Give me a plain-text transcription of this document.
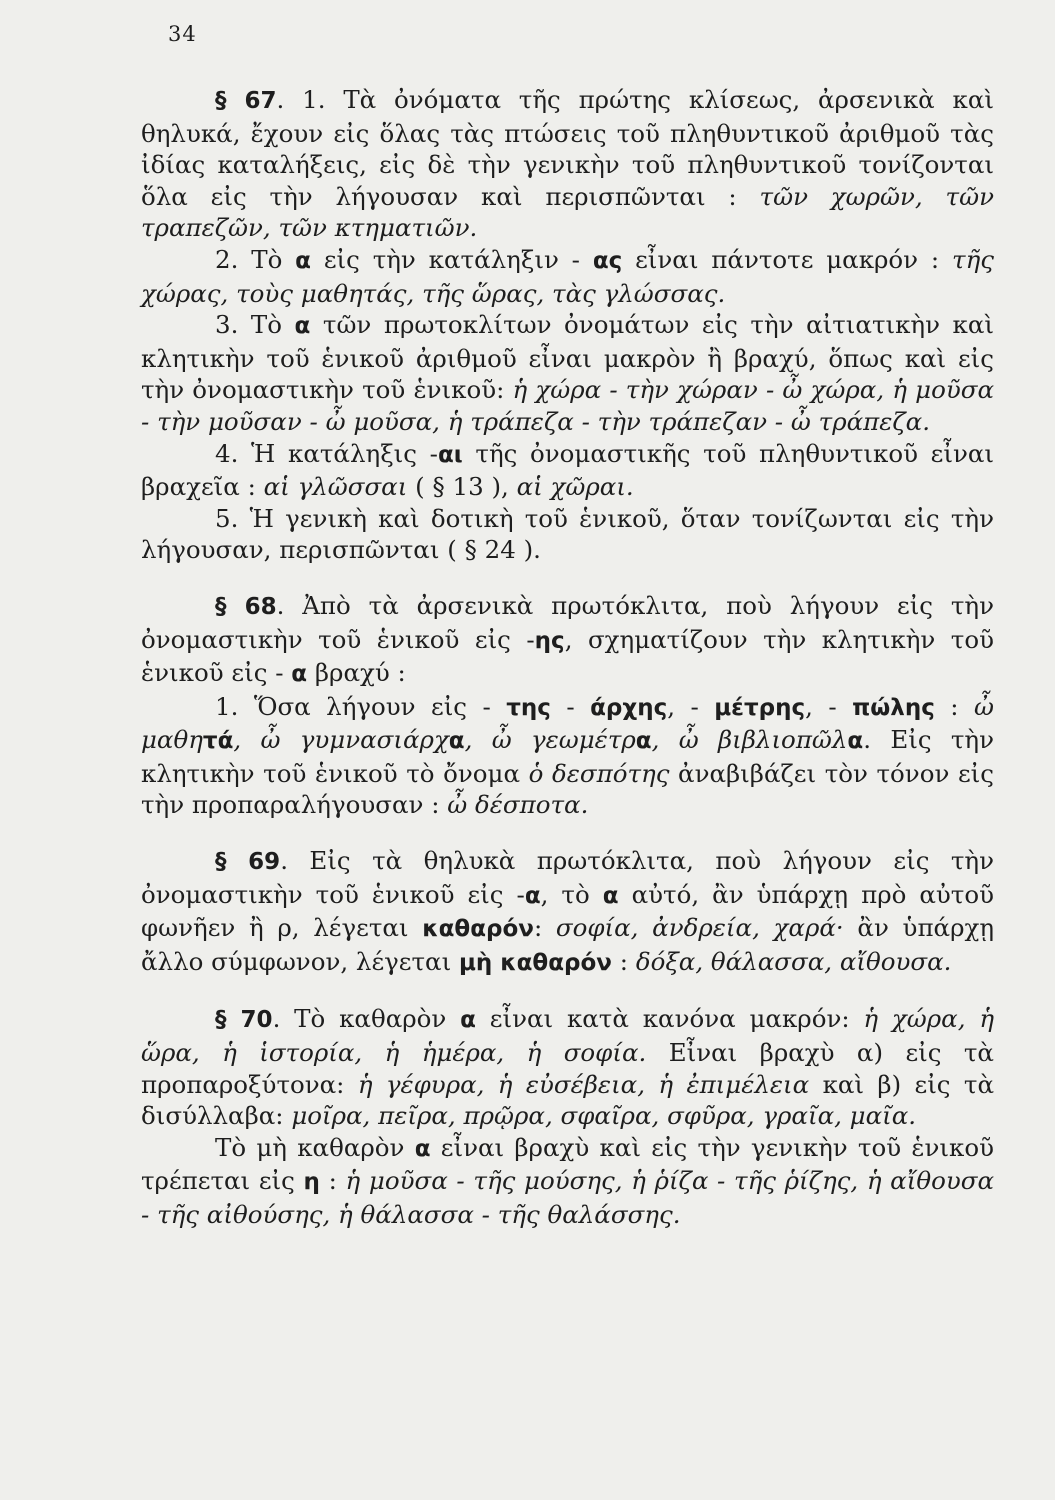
34

§ 67. 1. Τὰ ὀνόματα τῆς πρώτης κλίσεως, ἀρσενικὰ καὶ θηλυκά, ἔχουν εἰς ὅλας τὰς πτώσεις τοῦ πληθυντικοῦ ἀριθμοῦ τὰς ἰδίας καταλήξεις, εἰς δὲ τὴν γενικὴν τοῦ πληθυντικοῦ τονίζονται ὅλα εἰς τὴν λήγουσαν καὶ περισπῶνται : τῶν χωρῶν, τῶν τραπεζῶν, τῶν κτηματιῶν.

2. Τὸ α εἰς τὴν κατάληξιν - ας εἶναι πάντοτε μακρόν : τῆς χώρας, τοὺς μαθητάς, τῆς ὥρας, τὰς γλώσσας.

3. Τὸ α τῶν πρωτοκλίτων ὀνομάτων εἰς τὴν αἰτιατικὴν καὶ κλητικὴν τοῦ ἑνικοῦ ἀριθμοῦ εἶναι μακρὸν ἢ βραχύ, ὅπως καὶ εἰς τὴν ὀνομαστικὴν τοῦ ἑνικοῦ: ἡ χώρα - τὴν χώραν - ὦ χώρα, ἡ μοῦσα - τὴν μοῦσαν - ὦ μοῦσα, ἡ τράπεζα - τὴν τράπεζαν - ὦ τράπεζα.

4. Ἡ κατάληξις -αι τῆς ὀνομαστικῆς τοῦ πληθυντικοῦ εἶναι βραχεῖα : αἱ γλῶσσαι ( § 13 ), αἱ χῶραι.

5. Ἡ γενικὴ καὶ δοτικὴ τοῦ ἑνικοῦ, ὅταν τονίζωνται εἰς τὴν λήγουσαν, περισπῶνται ( § 24 ).

§ 68. Ἀπὸ τὰ ἀρσενικὰ πρωτόκλιτα, ποὺ λήγουν εἰς τὴν ὀνομαστικὴν τοῦ ἑνικοῦ εἰς -ης, σχηματίζουν τὴν κλητικὴν τοῦ ἑνικοῦ εἰς - α βραχύ :

1. Ὅσα λήγουν εἰς - της - άρχης, - μέτρης, - πώλης : ὦ μαθητά, ὦ γυμνασιάρχα, ὦ γεωμέτρα, ὦ βιβλιοπῶλα. Εἰς τὴν κλητικὴν τοῦ ἑνικοῦ τὸ ὄνομα ὁ δεσπότης ἀναβιβάζει τὸν τόνον εἰς τὴν προπαραλήγουσαν : ὦ δέσποτα.

§ 69. Εἰς τὰ θηλυκὰ πρωτόκλιτα, ποὺ λήγουν εἰς τὴν ὀνομαστικὴν τοῦ ἑνικοῦ εἰς -α, τὸ α αὐτό, ἂν ὑπάρχῃ πρὸ αὐτοῦ φωνῆεν ἢ ρ, λέγεται καθαρόν: σοφία, ἀνδρεία, χαρά· ἂν ὑπάρχῃ ἄλλο σύμφωνον, λέγεται μὴ καθαρόν : δόξα, θάλασσα, αἴθουσα.

§ 70. Τὸ καθαρὸν α εἶναι κατὰ κανόνα μακρόν: ἡ χώρα, ἡ ὥρα, ἡ ἱστορία, ἡ ἡμέρα, ἡ σοφία. Εἶναι βραχὺ α) εἰς τὰ προπαροξύτονα: ἡ γέφυρα, ἡ εὐσέβεια, ἡ ἐπιμέλεια καὶ β) εἰς τὰ δισύλλαβα: μοῖρα, πεῖρα, πρῷρα, σφαῖρα, σφῦρα, γραῖα, μαῖα.

Τὸ μὴ καθαρὸν α εἶναι βραχὺ καὶ εἰς τὴν γενικὴν τοῦ ἑνικοῦ τρέπεται εἰς η : ἡ μοῦσα - τῆς μούσης, ἡ ῥίζα - τῆς ῥίζης, ἡ αἴθουσα - τῆς αἰθούσης, ἡ θάλασσα - τῆς θαλάσσης.
